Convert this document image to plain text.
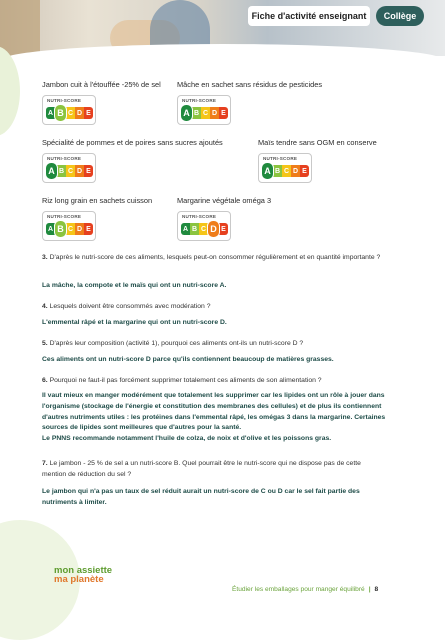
Fiche d'activité enseignant	Collège
Jambon cuit à l'étouffée -25% de sel
NUTRI-SCORE
A B C D E
Mâche en sachet sans résidus de pesticides
NUTRI-SCORE
A B C D E
Spécialité de pommes et de poires sans sucres ajoutés
NUTRI-SCORE
A B C D E
Maïs tendre sans OGM en conserve
NUTRI-SCORE
A B C D E
Riz long grain en sachets cuisson
NUTRI-SCORE
A B C D E
Margarine végétale oméga 3
NUTRI-SCORE
A B C D E
3. D'après le nutri-score de ces aliments, lesquels peut-on consommer régulièrement et en quantité importante ?
La mâche, la compote et le maïs qui ont un nutri-score A.
4. Lesquels doivent être consommés avec modération ?
L'emmental râpé et la margarine qui ont un nutri-score D.
5. D'après leur composition (activité 1), pourquoi ces aliments ont-ils un nutri-score D ?
Ces aliments ont un nutri-score D parce qu'ils contiennent beaucoup de matières grasses.
6. Pourquoi ne faut-il pas forcément supprimer totalement ces aliments de son alimentation ?
Il vaut mieux en manger modérément que totalement les supprimer car les lipides ont un rôle à jouer dans l'organisme (stockage de l'énergie et constitution des membranes des cellules) et de plus ils contiennent d'autres nutriments utiles : les protéines dans l'emmental râpé, les omégas 3 dans la margarine. Certaines sources de lipides sont meilleures que d'autres pour la santé.
Le PNNS recommande notamment l'huile de colza, de noix et d'olive et les poissons gras.
7. Le jambon - 25 % de sel a un nutri-score B. Quel pourrait être le nutri-score qui ne dispose pas de cette mention de réduction du sel ?
Le jambon qui n'a pas un taux de sel réduit aurait un nutri-score de C ou D car le sel fait partie des nutriments à limiter.
mon assiette
ma planète
Étudier les emballages pour manger équilibré | 8
